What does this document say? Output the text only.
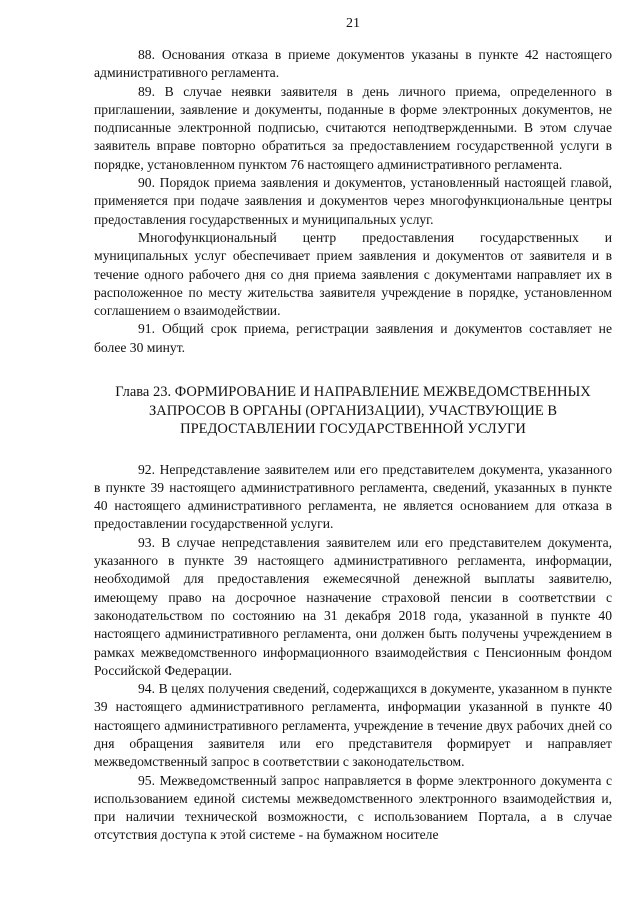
21

88. Основания отказа в приеме документов указаны в пункте 42 настоящего административного регламента.

89. В случае неявки заявителя в день личного приема, определенного в приглашении, заявление и документы, поданные в форме электронных документов, не подписанные электронной подписью, считаются неподтвержденными. В этом случае заявитель вправе повторно обратиться за предоставлением государственной услуги в порядке, установленном пунктом 76 настоящего административного регламента.

90. Порядок приема заявления и документов, установленный настоящей главой, применяется при подаче заявления и документов через многофункциональные центры предоставления государственных и муниципальных услуг.

Многофункциональный центр предоставления государственных и муниципальных услуг обеспечивает прием заявления и документов от заявителя и в течение одного рабочего дня со дня приема заявления с документами направляет их в расположенное по месту жительства заявителя учреждение в порядке, установленном соглашением о взаимодействии.

91. Общий срок приема, регистрации заявления и документов составляет не более 30 минут.

Глава 23. ФОРМИРОВАНИЕ И НАПРАВЛЕНИЕ МЕЖВЕДОМСТВЕННЫХ ЗАПРОСОВ В ОРГАНЫ (ОРГАНИЗАЦИИ), УЧАСТВУЮЩИЕ В ПРЕДОСТАВЛЕНИИ ГОСУДАРСТВЕННОЙ УСЛУГИ

92. Непредставление заявителем или его представителем документа, указанного в пункте 39 настоящего административного регламента, сведений, указанных в пункте 40 настоящего административного регламента, не является основанием для отказа в предоставлении государственной услуги.

93. В случае непредставления заявителем или его представителем документа, указанного в пункте 39 настоящего административного регламента, информации, необходимой для предоставления ежемесячной денежной выплаты заявителю, имеющему право на досрочное назначение страховой пенсии в соответствии с законодательством по состоянию на 31 декабря 2018 года, указанной в пункте 40 настоящего административного регламента, они должен быть получены учреждением в рамках межведомственного информационного взаимодействия с Пенсионным фондом Российской Федерации.

94. В целях получения сведений, содержащихся в документе, указанном в пункте 39 настоящего административного регламента, информации указанной в пункте 40 настоящего административного регламента, учреждение в течение двух рабочих дней со дня обращения заявителя или его представителя формирует и направляет межведомственный запрос в соответствии с законодательством.

95. Межведомственный запрос направляется в форме электронного документа с использованием единой системы межведомственного электронного взаимодействия и, при наличии технической возможности, с использованием Портала, а в случае отсутствия доступа к этой системе - на бумажном носителе
